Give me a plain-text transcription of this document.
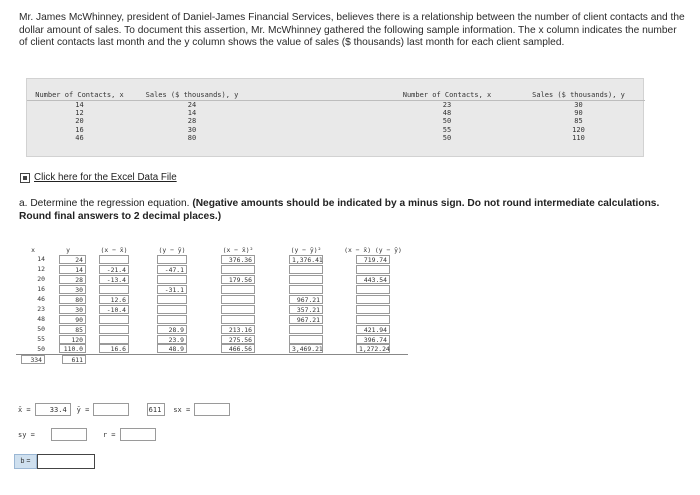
Mr. James McWhinney, president of Daniel-James Financial Services, believes there is a relationship between the number of client contacts and the dollar amount of sales. To document this assertion, Mr. McWhinney gathered the following sample information. The x column indicates the number of client contacts last month and the y column shows the value of sales ($ thousands) last month for each client sampled.
Number of Contacts, x	Sales ($ thousands), y		Number of Contacts, x	Sales ($ thousands), y
14	24		23	30
12	14		48	90
20	28		50	85
16	30		55	120
46	80		50	110
Click here for the Excel Data File
a. Determine the regression equation. (Negative amounts should be indicated by a minus sign. Do not round intermediate calculations. Round final answers to 2 decimal places.)
x	y	(x − x̄)	(y − ȳ)	(x − x̄)²	(y − ȳ)²	(x − x̄) (y − ȳ)
14	24			376.36	1,376.41	719.74
12	14	-21.4	-47.1			
20	28	-13.4		179.56		443.54
16	30		-31.1			
46	80	12.6			967.21	
23	30	-10.4			357.21	
48	90				967.21	
50	85		28.9	213.16		421.94
55	120		23.9	275.56		396.74
50	110.0	16.6	48.9	466.56	3,469.21	1,272.24
334	611					
x̄ =	33.4	ȳ =	611	sx =
sy =	r =
b =
